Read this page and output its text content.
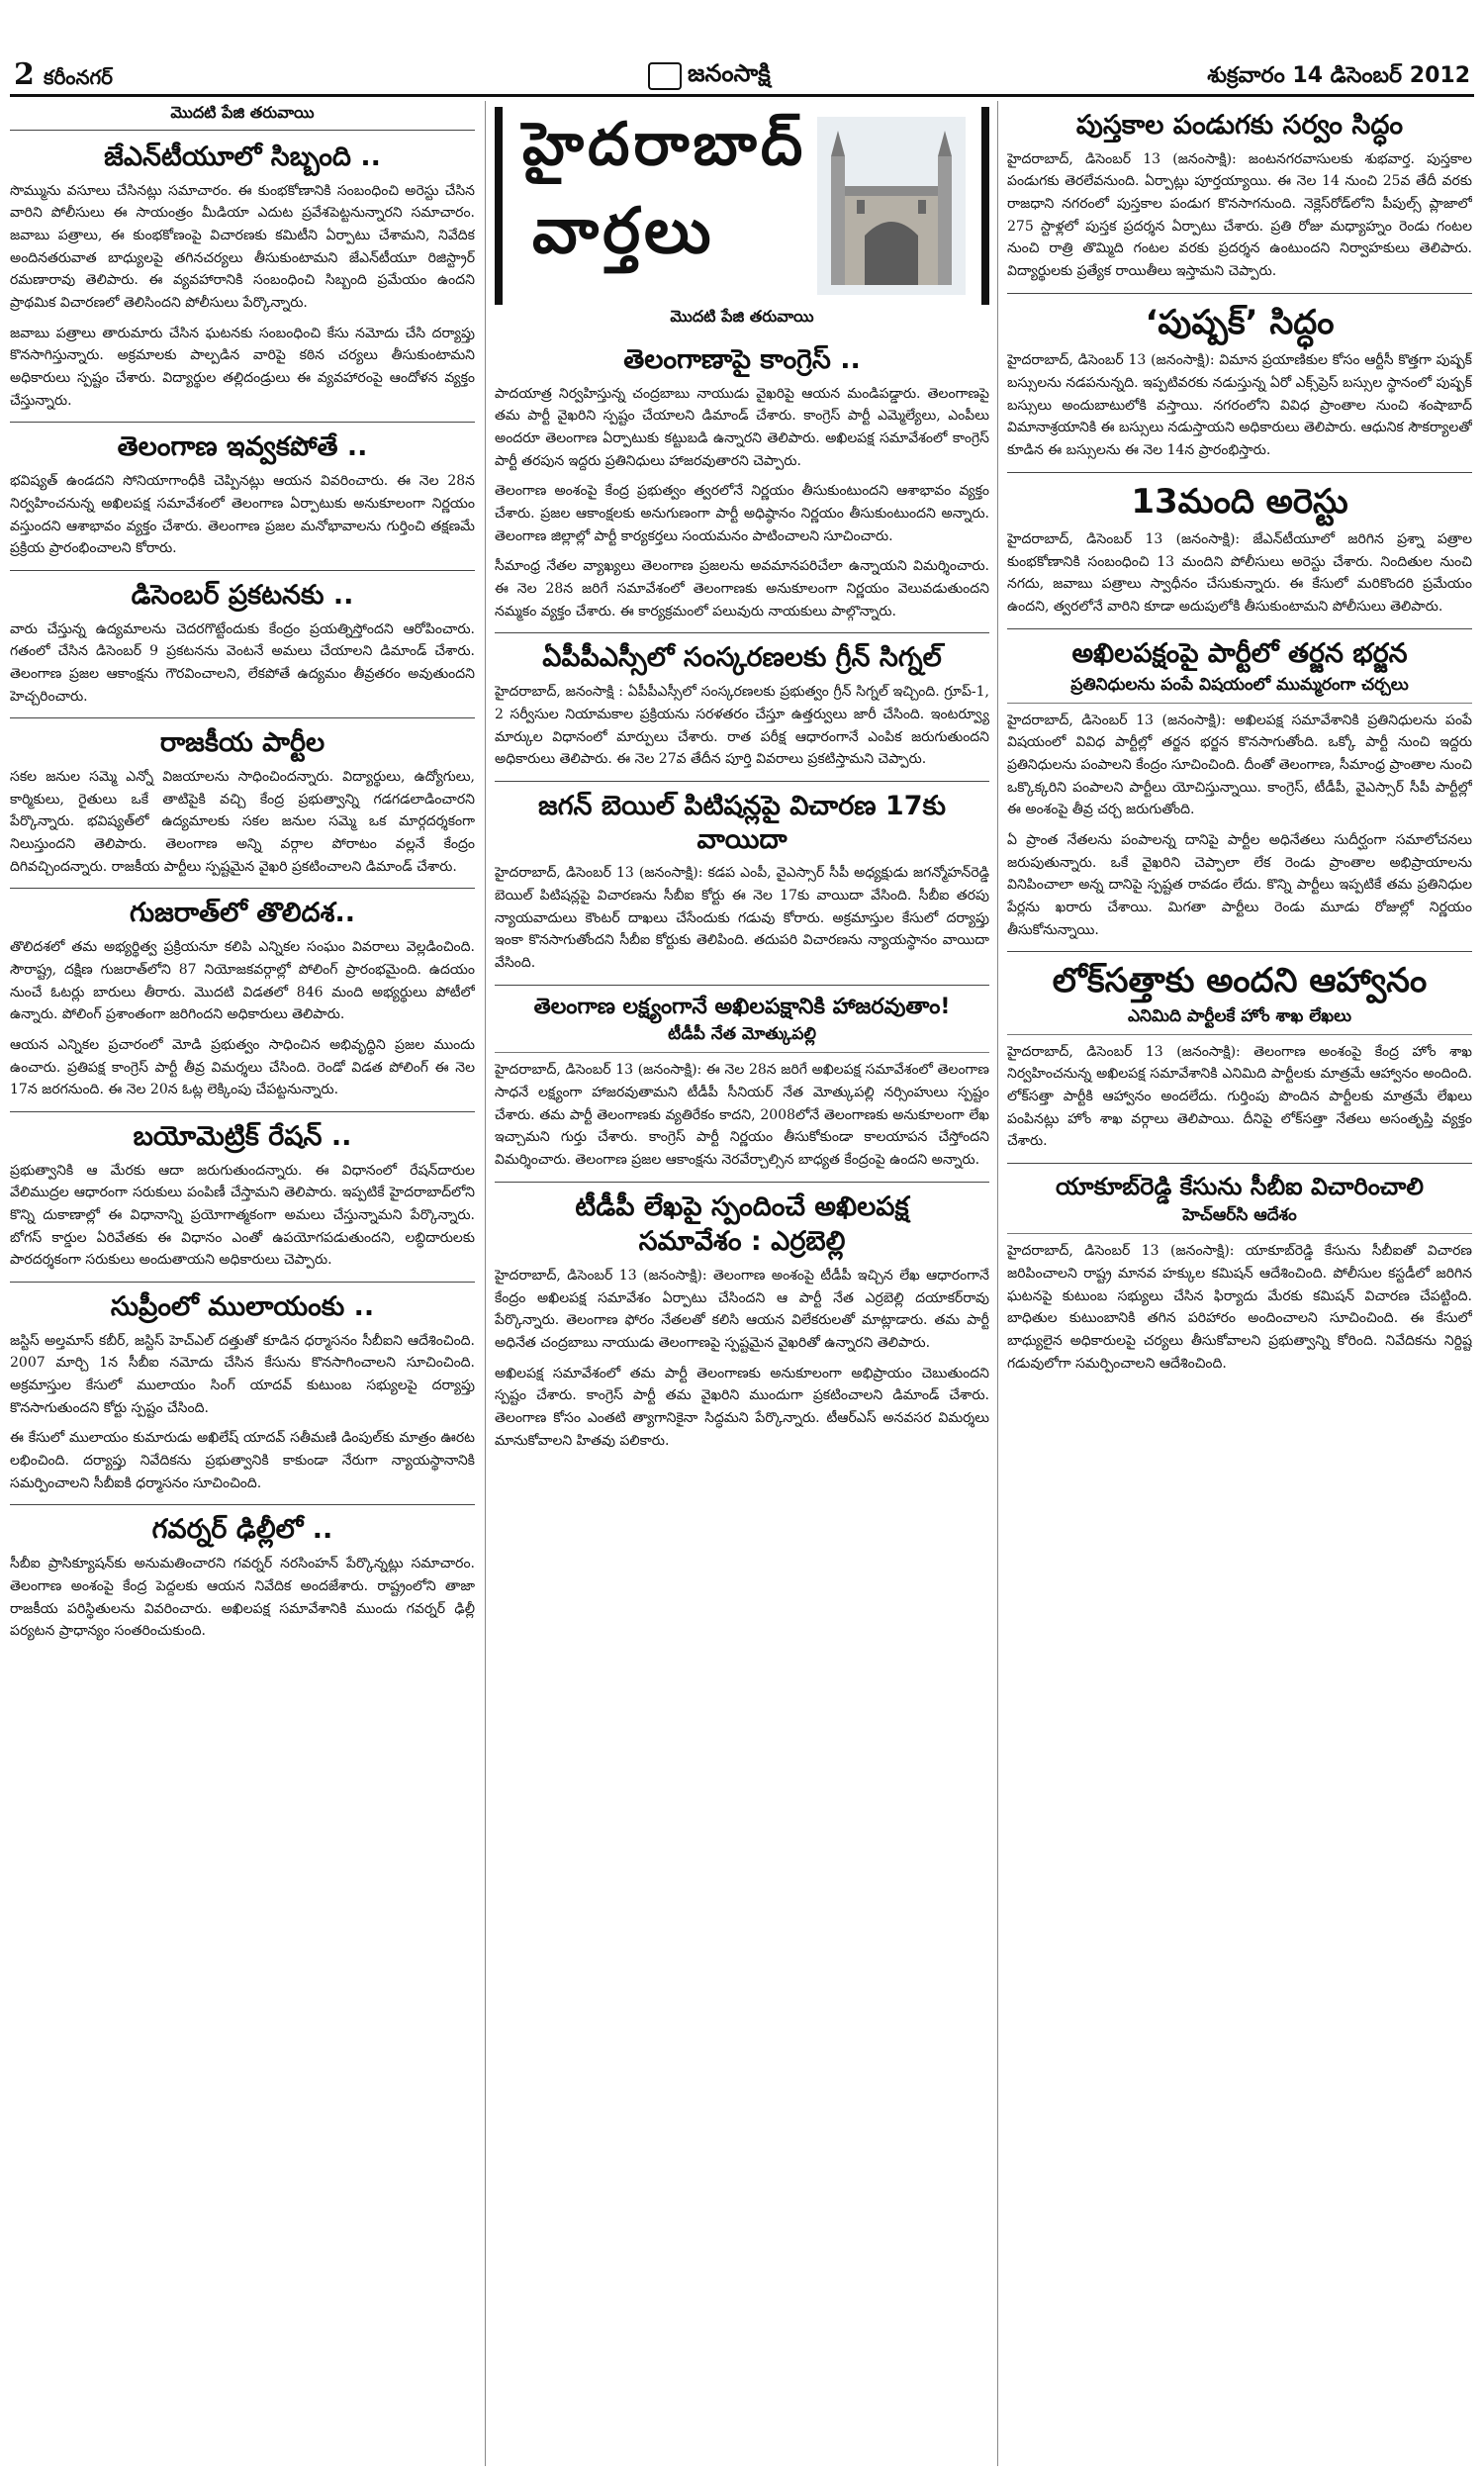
2 కరీంనగర్	జనంసాక్షి	శుక్రవారం 14 డిసెంబర్ 2012
మొదటి పేజి తరువాయి
జేఎన్‌టీయూలో సిబ్బంది ..

సొమ్మును వసూలు చేసినట్లు సమాచారం. ఈ కుంభకోణానికి సంబంధించి అరెస్టు చేసిన వారిని పోలీసులు ఈ సాయంత్రం మీడియా ఎదుట ప్రవేశపెట్టనున్నారని సమాచారం. జవాబు పత్రాలు, ఈ కుంభకోణంపై విచారణకు కమిటీని ఏర్పాటు చేశామని, నివేదిక అందినతరువాత బాధ్యులపై తగినచర్యలు తీసుకుంటామని జేఎన్‌టీయూ రిజిస్ట్రార్ రమణారావు తెలిపారు. ఈ వ్యవహారానికి సంబంధించి సిబ్బంది ప్రమేయం ఉందని ప్రాథమిక విచారణలో తెలిసిందని పోలీసులు పేర్కొన్నారు.

జవాబు పత్రాలు తారుమారు చేసిన ఘటనకు సంబంధించి కేసు నమోదు చేసి దర్యాప్తు కొనసాగిస్తున్నారు. అక్రమాలకు పాల్పడిన వారిపై కఠిన చర్యలు తీసుకుంటామని అధికారులు స్పష్టం చేశారు. విద్యార్థుల తల్లిదండ్రులు ఈ వ్యవహారంపై ఆందోళన వ్యక్తం చేస్తున్నారు.

తెలంగాణ ఇవ్వకపోతే ..

భవిష్యత్ ఉండదని సోనియాగాంధీకి చెప్పినట్లు ఆయన వివరించారు. ఈ నెల 28న నిర్వహించనున్న అఖిలపక్ష సమావేశంలో తెలంగాణ ఏర్పాటుకు అనుకూలంగా నిర్ణయం వస్తుందని ఆశాభావం వ్యక్తం చేశారు. తెలంగాణ ప్రజల మనోభావాలను గుర్తించి తక్షణమే ప్రక్రియ ప్రారంభించాలని కోరారు.

డిసెంబర్ ప్రకటనకు ..

వారు చేస్తున్న ఉద్యమాలను చెదరగొట్టేందుకు కేంద్రం ప్రయత్నిస్తోందని ఆరోపించారు. గతంలో చేసిన డిసెంబర్ 9 ప్రకటనను వెంటనే అమలు చేయాలని డిమాండ్ చేశారు. తెలంగాణ ప్రజల ఆకాంక్షను గౌరవించాలని, లేకపోతే ఉద్యమం తీవ్రతరం అవుతుందని హెచ్చరించారు.

రాజకీయ పార్టీల

సకల జనుల సమ్మె ఎన్నో విజయాలను సాధించిందన్నారు. విద్యార్థులు, ఉద్యోగులు, కార్మికులు, రైతులు ఒకే తాటిపైకి వచ్చి కేంద్ర ప్రభుత్వాన్ని గడగడలాడించారని పేర్కొన్నారు. భవిష్యత్‌లో ఉద్యమాలకు సకల జనుల సమ్మె ఒక మార్గదర్శకంగా నిలుస్తుందని తెలిపారు. తెలంగాణ అన్ని వర్గాల పోరాటం వల్లనే కేంద్రం దిగివచ్చిందన్నారు. రాజకీయ పార్టీలు స్పష్టమైన వైఖరి ప్రకటించాలని డిమాండ్ చేశారు.

గుజరాత్‌లో తొలిదశ..

తొలిదశలో తమ అభ్యర్థిత్వ ప్రక్రియనూ కలిపి ఎన్నికల సంఘం వివరాలు వెల్లడించింది. సౌరాష్ట్ర, దక్షిణ గుజరాత్‌లోని 87 నియోజకవర్గాల్లో పోలింగ్ ప్రారంభమైంది. ఉదయం నుంచే ఓటర్లు బారులు తీరారు. మొదటి విడతలో 846 మంది అభ్యర్థులు పోటీలో ఉన్నారు. పోలింగ్ ప్రశాంతంగా జరిగిందని అధికారులు తెలిపారు.

ఆయన ఎన్నికల ప్రచారంలో మోడి ప్రభుత్వం సాధించిన అభివృద్ధిని ప్రజల ముందు ఉంచారు. ప్రతిపక్ష కాంగ్రెస్ పార్టీ తీవ్ర విమర్శలు చేసింది. రెండో విడత పోలింగ్ ఈ నెల 17న జరగనుంది. ఈ నెల 20న ఓట్ల లెక్కింపు చేపట్టనున్నారు.

బయోమెట్రిక్ రేషన్ ..

ప్రభుత్వానికి ఆ మేరకు ఆదా జరుగుతుందన్నారు. ఈ విధానంలో రేషన్‌దారుల వేలిముద్రల ఆధారంగా సరుకులు పంపిణీ చేస్తామని తెలిపారు. ఇప్పటికే హైదరాబాద్‌లోని కొన్ని దుకాణాల్లో ఈ విధానాన్ని ప్రయోగాత్మకంగా అమలు చేస్తున్నామని పేర్కొన్నారు. బోగస్ కార్డుల ఏరివేతకు ఈ విధానం ఎంతో ఉపయోగపడుతుందని, లబ్ధిదారులకు పారదర్శకంగా సరుకులు అందుతాయని అధికారులు చెప్పారు.

సుప్రీంలో ములాయంకు ..

జస్టిస్ అల్తమాస్ కబీర్, జస్టిస్ హెచ్‌ఎల్ దత్తుతో కూడిన ధర్మాసనం సీబీఐని ఆదేశించింది. 2007 మార్చి 1న సీబీఐ నమోదు చేసిన కేసును కొనసాగించాలని సూచించింది. అక్రమాస్తుల కేసులో ములాయం సింగ్ యాదవ్ కుటుంబ సభ్యులపై దర్యాప్తు కొనసాగుతుందని కోర్టు స్పష్టం చేసింది.

ఈ కేసులో ములాయం కుమారుడు అఖిలేష్ యాదవ్ సతీమణి డింపుల్‌కు మాత్రం ఊరట లభించింది. దర్యాప్తు నివేదికను ప్రభుత్వానికి కాకుండా నేరుగా న్యాయస్థానానికి సమర్పించాలని సీబీఐకి ధర్మాసనం సూచించింది.

గవర్నర్ ఢిల్లీలో ..

సీబీఐ ప్రాసిక్యూషన్‌కు అనుమతించారని గవర్నర్ నరసింహన్ పేర్కొన్నట్లు సమాచారం. తెలంగాణ అంశంపై కేంద్ర పెద్దలకు ఆయన నివేదిక అందజేశారు. రాష్ట్రంలోని తాజా రాజకీయ పరిస్థితులను వివరించారు. అఖిలపక్ష సమావేశానికి ముందు గవర్నర్ ఢిల్లీ పర్యటన ప్రాధాన్యం సంతరించుకుంది.

హైదరాబాద్
వార్తలు
మొదటి పేజి తరువాయి
తెలంగాణాపై కాంగ్రెస్ ..

పాదయాత్ర నిర్వహిస్తున్న చంద్రబాబు నాయుడు వైఖరిపై ఆయన మండిపడ్డారు. తెలంగాణపై తమ పార్టీ వైఖరిని స్పష్టం చేయాలని డిమాండ్ చేశారు. కాంగ్రెస్ పార్టీ ఎమ్మెల్యేలు, ఎంపీలు అందరూ తెలంగాణ ఏర్పాటుకు కట్టుబడి ఉన్నారని తెలిపారు. అఖిలపక్ష సమావేశంలో కాంగ్రెస్ పార్టీ తరపున ఇద్దరు ప్రతినిధులు హాజరవుతారని చెప్పారు.

తెలంగాణ అంశంపై కేంద్ర ప్రభుత్వం త్వరలోనే నిర్ణయం తీసుకుంటుందని ఆశాభావం వ్యక్తం చేశారు. ప్రజల ఆకాంక్షలకు అనుగుణంగా పార్టీ అధిష్ఠానం నిర్ణయం తీసుకుంటుందని అన్నారు. తెలంగాణ జిల్లాల్లో పార్టీ కార్యకర్తలు సంయమనం పాటించాలని సూచించారు.

సీమాంధ్ర నేతల వ్యాఖ్యలు తెలంగాణ ప్రజలను అవమానపరిచేలా ఉన్నాయని విమర్శించారు. ఈ నెల 28న జరిగే సమావేశంలో తెలంగాణకు అనుకూలంగా నిర్ణయం వెలువడుతుందని నమ్మకం వ్యక్తం చేశారు. ఈ కార్యక్రమంలో పలువురు నాయకులు పాల్గొన్నారు.

ఏపీపీఎస్సీలో సంస్కరణలకు గ్రీన్ సిగ్నల్

హైదరాబాద్, జనంసాక్షి : ఏపీపీఎస్సీలో సంస్కరణలకు ప్రభుత్వం గ్రీన్ సిగ్నల్ ఇచ్చింది. గ్రూప్-1, 2 సర్వీసుల నియామకాల ప్రక్రియను సరళతరం చేస్తూ ఉత్తర్వులు జారీ చేసింది. ఇంటర్వ్యూ మార్కుల విధానంలో మార్పులు చేశారు. రాత పరీక్ష ఆధారంగానే ఎంపిక జరుగుతుందని అధికారులు తెలిపారు. ఈ నెల 27వ తేదీన పూర్తి వివరాలు ప్రకటిస్తామని చెప్పారు.

జగన్ బెయిల్ పిటిషన్లపై విచారణ 17కు వాయిదా

హైదరాబాద్, డిసెంబర్ 13 (జనంసాక్షి): కడప ఎంపీ, వైఎస్సార్ సీపీ అధ్యక్షుడు జగన్మోహన్‌రెడ్డి బెయిల్ పిటిషన్లపై విచారణను సీబీఐ కోర్టు ఈ నెల 17కు వాయిదా వేసింది. సీబీఐ తరపు న్యాయవాదులు కౌంటర్ దాఖలు చేసేందుకు గడువు కోరారు. అక్రమాస్తుల కేసులో దర్యాప్తు ఇంకా కొనసాగుతోందని సీబీఐ కోర్టుకు తెలిపింది. తదుపరి విచారణను న్యాయస్థానం వాయిదా వేసింది.

తెలంగాణ లక్ష్యంగానే అఖిలపక్షానికి హాజరవుతాం!
టీడీపీ నేత మోత్కుపల్లి

హైదరాబాద్, డిసెంబర్ 13 (జనంసాక్షి): ఈ నెల 28న జరిగే అఖిలపక్ష సమావేశంలో తెలంగాణ సాధనే లక్ష్యంగా హాజరవుతామని టీడీపీ సీనియర్ నేత మోత్కుపల్లి నర్సింహులు స్పష్టం చేశారు. తమ పార్టీ తెలంగాణకు వ్యతిరేకం కాదని, 2008లోనే తెలంగాణకు అనుకూలంగా లేఖ ఇచ్చామని గుర్తు చేశారు. కాంగ్రెస్ పార్టీ నిర్ణయం తీసుకోకుండా కాలయాపన చేస్తోందని విమర్శించారు. తెలంగాణ ప్రజల ఆకాంక్షను నెరవేర్చాల్సిన బాధ్యత కేంద్రంపై ఉందని అన్నారు.

టీడీపీ లేఖపై స్పందించే అఖిలపక్ష
సమావేశం : ఎర్రబెల్లి

హైదరాబాద్, డిసెంబర్ 13 (జనంసాక్షి): తెలంగాణ అంశంపై టీడీపీ ఇచ్చిన లేఖ ఆధారంగానే కేంద్రం అఖిలపక్ష సమావేశం ఏర్పాటు చేసిందని ఆ పార్టీ నేత ఎర్రబెల్లి దయాకర్‌రావు పేర్కొన్నారు. తెలంగాణ ఫోరం నేతలతో కలిసి ఆయన విలేకరులతో మాట్లాడారు. తమ పార్టీ అధినేత చంద్రబాబు నాయుడు తెలంగాణపై స్పష్టమైన వైఖరితో ఉన్నారని తెలిపారు.

అఖిలపక్ష సమావేశంలో తమ పార్టీ తెలంగాణకు అనుకూలంగా అభిప్రాయం చెబుతుందని స్పష్టం చేశారు. కాంగ్రెస్ పార్టీ తమ వైఖరిని ముందుగా ప్రకటించాలని డిమాండ్ చేశారు. తెలంగాణ కోసం ఎంతటి త్యాగానికైనా సిద్ధమని పేర్కొన్నారు. టీఆర్‌ఎస్ అనవసర విమర్శలు మానుకోవాలని హితవు పలికారు.

పుస్తకాల పండుగకు సర్వం సిద్ధం

హైదరాబాద్, డిసెంబర్ 13 (జనంసాక్షి): జంటనగరవాసులకు శుభవార్త. పుస్తకాల పండుగకు తెరలేవనుంది. ఏర్పాట్లు పూర్తయ్యాయి. ఈ నెల 14 నుంచి 25వ తేదీ వరకు రాజధాని నగరంలో పుస్తకాల పండుగ కొనసాగనుంది. నెక్లెస్‌రోడ్‌లోని పీపుల్స్ ప్లాజాలో 275 స్టాళ్లలో పుస్తక ప్రదర్శన ఏర్పాటు చేశారు. ప్రతి రోజు మధ్యాహ్నం రెండు గంటల నుంచి రాత్రి తొమ్మిది గంటల వరకు ప్రదర్శన ఉంటుందని నిర్వాహకులు తెలిపారు. విద్యార్థులకు ప్రత్యేక రాయితీలు ఇస్తామని చెప్పారు.

‘పుష్పక్’ సిద్ధం

హైదరాబాద్, డిసెంబర్ 13 (జనంసాక్షి): విమాన ప్రయాణికుల కోసం ఆర్టీసీ కొత్తగా పుష్పక్ బస్సులను నడపనున్నది. ఇప్పటివరకు నడుస్తున్న ఏరో ఎక్స్‌ప్రెస్ బస్సుల స్థానంలో పుష్పక్ బస్సులు అందుబాటులోకి వస్తాయి. నగరంలోని వివిధ ప్రాంతాల నుంచి శంషాబాద్ విమానాశ్రయానికి ఈ బస్సులు నడుస్తాయని అధికారులు తెలిపారు. ఆధునిక సౌకర్యాలతో కూడిన ఈ బస్సులను ఈ నెల 14న ప్రారంభిస్తారు.

13మంది అరెస్టు

హైదరాబాద్, డిసెంబర్ 13 (జనంసాక్షి): జేఎన్‌టీయూలో జరిగిన ప్రశ్నా పత్రాల కుంభకోణానికి సంబంధించి 13 మందిని పోలీసులు అరెస్టు చేశారు. నిందితుల నుంచి నగదు, జవాబు పత్రాలు స్వాధీనం చేసుకున్నారు. ఈ కేసులో మరికొందరి ప్రమేయం ఉందని, త్వరలోనే వారిని కూడా అదుపులోకి తీసుకుంటామని పోలీసులు తెలిపారు.

అఖిలపక్షంపై పార్టీలో తర్జన భర్జన
ప్రతినిధులను పంపే విషయంలో ముమ్మరంగా చర్చలు

హైదరాబాద్, డిసెంబర్ 13 (జనంసాక్షి): అఖిలపక్ష సమావేశానికి ప్రతినిధులను పంపే విషయంలో వివిధ పార్టీల్లో తర్జన భర్జన కొనసాగుతోంది. ఒక్కో పార్టీ నుంచి ఇద్దరు ప్రతినిధులను పంపాలని కేంద్రం సూచించింది. దీంతో తెలంగాణ, సీమాంధ్ర ప్రాంతాల నుంచి ఒక్కొక్కరిని పంపాలని పార్టీలు యోచిస్తున్నాయి. కాంగ్రెస్, టీడీపీ, వైఎస్సార్ సీపీ పార్టీల్లో ఈ అంశంపై తీవ్ర చర్చ జరుగుతోంది.

ఏ ప్రాంత నేతలను పంపాలన్న దానిపై పార్టీల అధినేతలు సుదీర్ఘంగా సమాలోచనలు జరుపుతున్నారు. ఒకే వైఖరిని చెప్పాలా లేక రెండు ప్రాంతాల అభిప్రాయాలను వినిపించాలా అన్న దానిపై స్పష్టత రావడం లేదు. కొన్ని పార్టీలు ఇప్పటికే తమ ప్రతినిధుల పేర్లను ఖరారు చేశాయి. మిగతా పార్టీలు రెండు మూడు రోజుల్లో నిర్ణయం తీసుకోనున్నాయి.

లోక్‌సత్తాకు అందని ఆహ్వానం
ఎనిమిది పార్టీలకే హోం శాఖ లేఖలు

హైదరాబాద్, డిసెంబర్ 13 (జనంసాక్షి): తెలంగాణ అంశంపై కేంద్ర హోం శాఖ నిర్వహించనున్న అఖిలపక్ష సమావేశానికి ఎనిమిది పార్టీలకు మాత్రమే ఆహ్వానం అందింది. లోక్‌సత్తా పార్టీకి ఆహ్వానం అందలేదు. గుర్తింపు పొందిన పార్టీలకు మాత్రమే లేఖలు పంపినట్లు హోం శాఖ వర్గాలు తెలిపాయి. దీనిపై లోక్‌సత్తా నేతలు అసంతృప్తి వ్యక్తం చేశారు.

యాకూబ్‌రెడ్డి కేసును సీబీఐ విచారించాలి
హెచ్‌ఆర్‌సి ఆదేశం

హైదరాబాద్, డిసెంబర్ 13 (జనంసాక్షి): యాకూబ్‌రెడ్డి కేసును సీబీఐతో విచారణ జరిపించాలని రాష్ట్ర మానవ హక్కుల కమిషన్ ఆదేశించింది. పోలీసుల కస్టడీలో జరిగిన ఘటనపై కుటుంబ సభ్యులు చేసిన ఫిర్యాదు మేరకు కమిషన్ విచారణ చేపట్టింది. బాధితుల కుటుంబానికి తగిన పరిహారం అందించాలని సూచించింది. ఈ కేసులో బాధ్యులైన అధికారులపై చర్యలు తీసుకోవాలని ప్రభుత్వాన్ని కోరింది. నివేదికను నిర్దిష్ట గడువులోగా సమర్పించాలని ఆదేశించింది.
